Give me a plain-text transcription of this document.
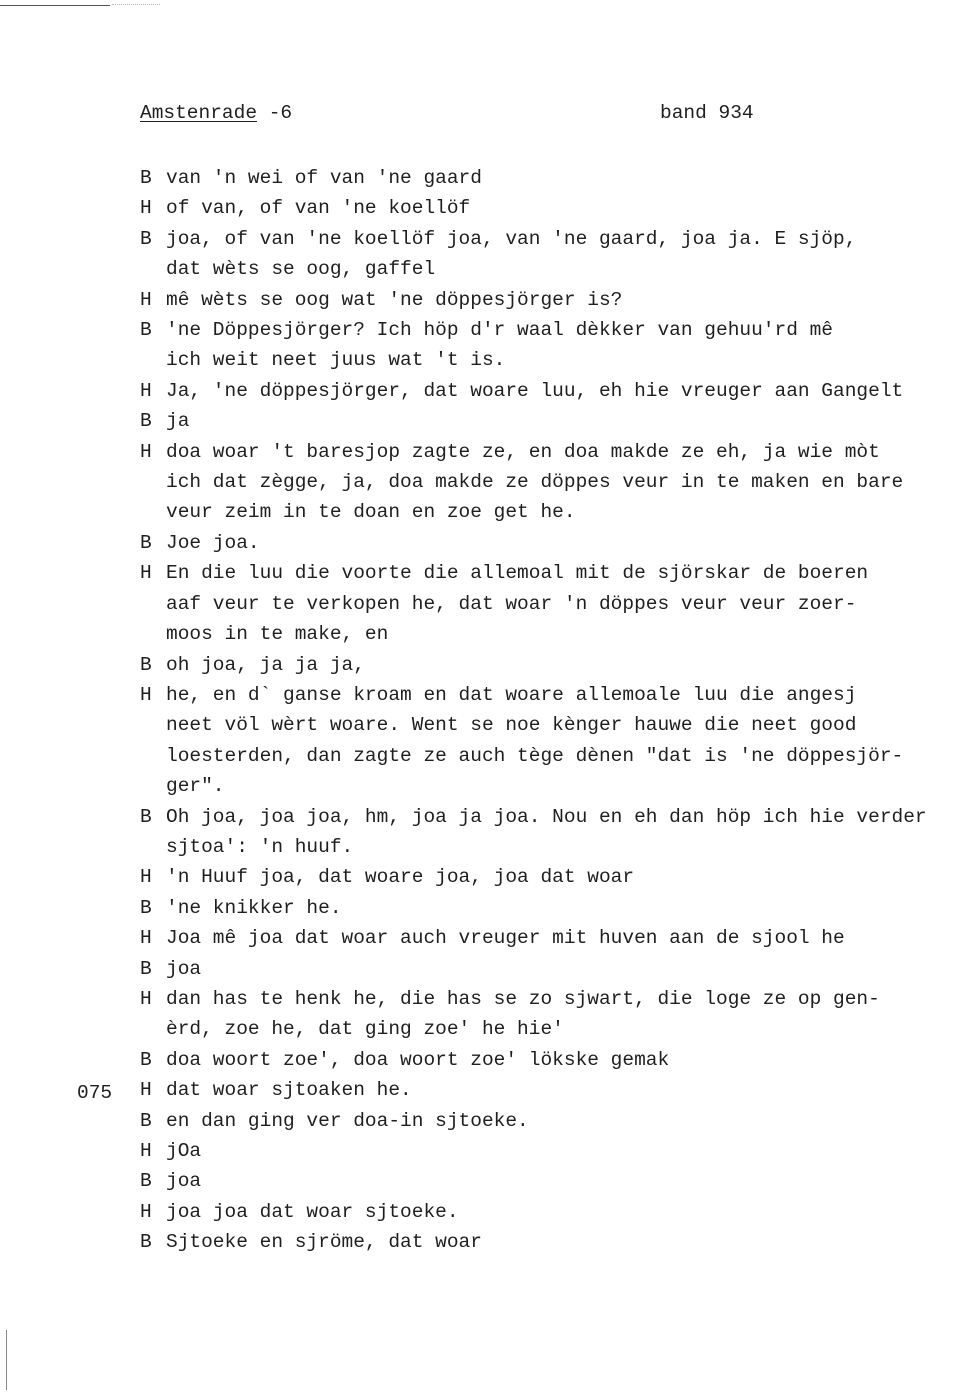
Amstenrade -6	band 934
075
B van 'n wei of van 'ne gaard
H of van, of van 'ne koellöf
B joa, of van 'ne koellöf joa, van 'ne gaard, joa ja. E sjöp,
dat wèts se oog, gaffel
H mê wèts se oog wat 'ne döppesjörger is?
B 'ne Döppesjörger? Ich höp d'r waal dèkker van gehuu'rd mê
ich weit neet juus wat 't is.
H Ja, 'ne döppesjörger, dat woare luu, eh hie vreuger aan Gangelt
B ja
H doa woar 't baresjop zagte ze, en doa makde ze eh, ja wie mòt
ich dat zègge, ja, doa makde ze döppes veur in te maken en bare
veur zeim in te doan en zoe get he.
B Joe joa.
H En die luu die voorte die allemoal mit de sjörskar de boeren
aaf veur te verkopen he, dat woar 'n döppes veur veur zoer-
moos in te make, en
B oh joa, ja ja ja,
H he, en d` ganse kroam en dat woare allemoale luu die angesj
neet völ wèrt woare. Went se noe kènger hauwe die neet good
loesterden, dan zagte ze auch tège dènen "dat is 'ne döppesjör-
ger".
B Oh joa, joa joa, hm, joa ja joa. Nou en eh dan höp ich hie verder
sjtoa': 'n huuf.
H 'n Huuf joa, dat woare joa, joa dat woar
B 'ne knikker he.
H Joa mê joa dat woar auch vreuger mit huven aan de sjool he
B joa
H dan has te henk he, die has se zo sjwart, die loge ze op gen-
èrd, zoe he, dat ging zoe' he hie'
B doa woort zoe', doa woort zoe' lökske gemak
H dat woar sjtoaken he.
B en dan ging ver doa-in sjtoeke.
H jOa
B joa
H joa joa dat woar sjtoeke.
B Sjtoeke en sjröme, dat woar
